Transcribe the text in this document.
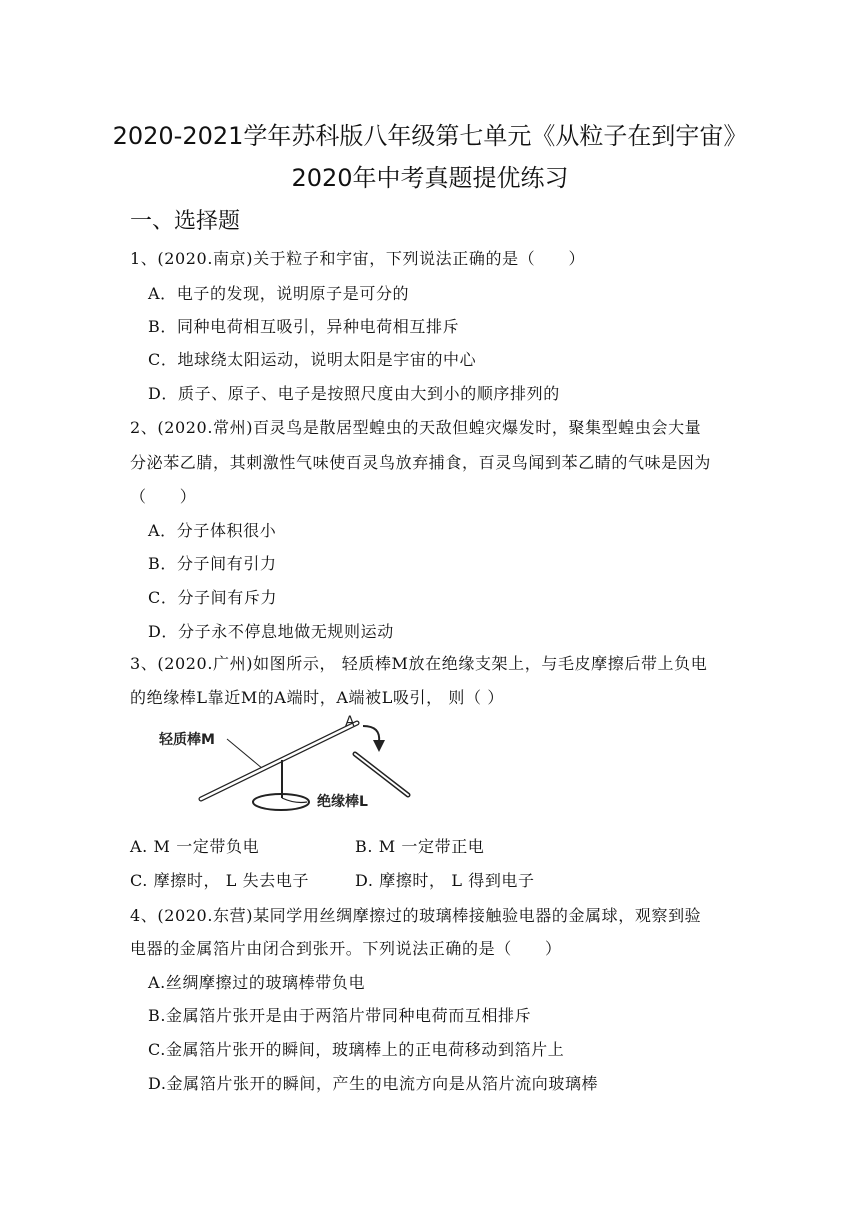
2020-2021学年苏科版八年级第七单元《从粒子在到宇宙》
2020年中考真题提优练习
一、选择题
1、(2020.南京)关于粒子和宇宙，下列说法正确的是（　　）
A．电子的发现，说明原子是可分的
B．同种电荷相互吸引，异种电荷相互排斥
C．地球绕太阳运动，说明太阳是宇宙的中心
D．质子、原子、电子是按照尺度由大到小的顺序排列的
2、(2020.常州)百灵鸟是散居型蝗虫的天敌但蝗灾爆发时，聚集型蝗虫会大量
分泌苯乙腈，其刺激性气味使百灵鸟放弃捕食，百灵鸟闻到苯乙睛的气味是因为
（　　）
A．分子体积很小
B．分子间有引力
C．分子间有斥力
D．分子永不停息地做无规则运动
3、(2020.广州)如图所示， 轻质棒M放在绝缘支架上，与毛皮摩擦后带上负电
的绝缘棒L靠近M的A端时，A端被L吸引， 则（ ）
轻质棒M
A
绝缘棒L
A. M 一定带负电	B. M 一定带正电
C. 摩擦时， L 失去电子	D. 摩擦时， L 得到电子
4、(2020.东营)某同学用丝绸摩擦过的玻璃棒接触验电器的金属球，观察到验
电器的金属箔片由闭合到张开。下列说法正确的是（　　）
A.丝绸摩擦过的玻璃棒带负电
B.金属箔片张开是由于两箔片带同种电荷而互相排斥
C.金属箔片张开的瞬间，玻璃棒上的正电荷移动到箔片上
D.金属箔片张开的瞬间，产生的电流方向是从箔片流向玻璃棒
